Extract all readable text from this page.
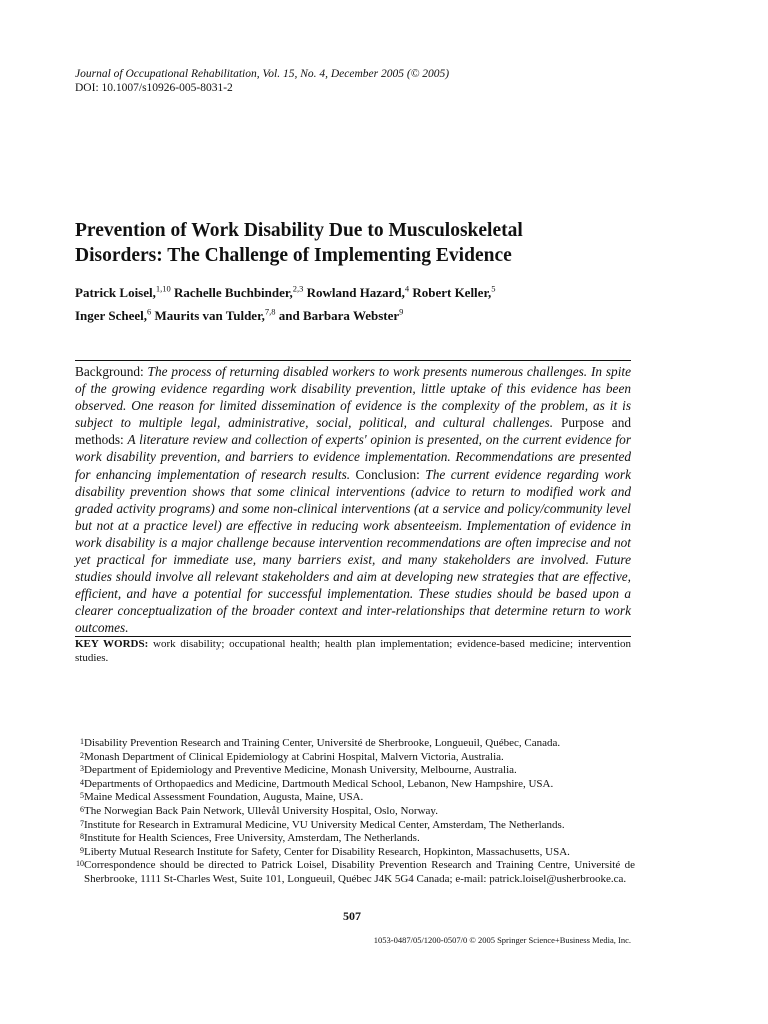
Journal of Occupational Rehabilitation, Vol. 15, No. 4, December 2005 (© 2005)
DOI: 10.1007/s10926-005-8031-2
Prevention of Work Disability Due to Musculoskeletal
Disorders: The Challenge of Implementing Evidence
Patrick Loisel,$^{1,10}$ Rachelle Buchbinder,$^{2,3}$ Rowland Hazard,$^4$ Robert Keller,$^5$
Inger Scheel,$^6$ Maurits van Tulder,$^{7,8}$ and Barbara Webster$^9$

Background: The process of returning disabled workers to work presents numerous challenges. In spite of the growing evidence regarding work disability prevention, little uptake of this evidence has been observed. One reason for limited dissemination of evidence is the complexity of the problem, as it is subject to multiple legal, administrative, social, political, and cultural challenges. Purpose and methods: A literature review and collection of experts' opinion is presented, on the current evidence for work disability prevention, and barriers to evidence implementation. Recommendations are presented for enhancing implementation of research results. Conclusion: The current evidence regarding work disability prevention shows that some clinical interventions (advice to return to modified work and graded activity programs) and some non-clinical interventions (at a service and policy/community level but not at a practice level) are effective in reducing work absenteeism. Implementation of evidence in work disability is a major challenge because intervention recommendations are often imprecise and not yet practical for immediate use, many barriers exist, and many stakeholders are involved. Future studies should involve all relevant stakeholders and aim at developing new strategies that are effective, efficient, and have a potential for successful implementation. These studies should be based upon a clearer conceptualization of the broader context and inter-relationships that determine return to work outcomes.

KEY WORDS: work disability; occupational health; health plan implementation; evidence-based medicine; intervention studies.

1 Disability Prevention Research and Training Center, Université de Sherbrooke, Longueuil, Québec, Canada.
2 Monash Department of Clinical Epidemiology at Cabrini Hospital, Malvern Victoria, Australia.
3 Department of Epidemiology and Preventive Medicine, Monash University, Melbourne, Australia.
4 Departments of Orthopaedics and Medicine, Dartmouth Medical School, Lebanon, New Hampshire, USA.
5 Maine Medical Assessment Foundation, Augusta, Maine, USA.
6 The Norwegian Back Pain Network, Ullevål University Hospital, Oslo, Norway.
7 Institute for Research in Extramural Medicine, VU University Medical Center, Amsterdam, The Netherlands.
8 Institute for Health Sciences, Free University, Amsterdam, The Netherlands.
9 Liberty Mutual Research Institute for Safety, Center for Disability Research, Hopkinton, Massachusetts, USA.
10 Correspondence should be directed to Patrick Loisel, Disability Prevention Research and Training Centre, Université de Sherbrooke, 1111 St-Charles West, Suite 101, Longueuil, Québec J4K 5G4 Canada; e-mail: patrick.loisel@usherbrooke.ca.
507
1053-0487/05/1200-0507/0 © 2005 Springer Science+Business Media, Inc.
